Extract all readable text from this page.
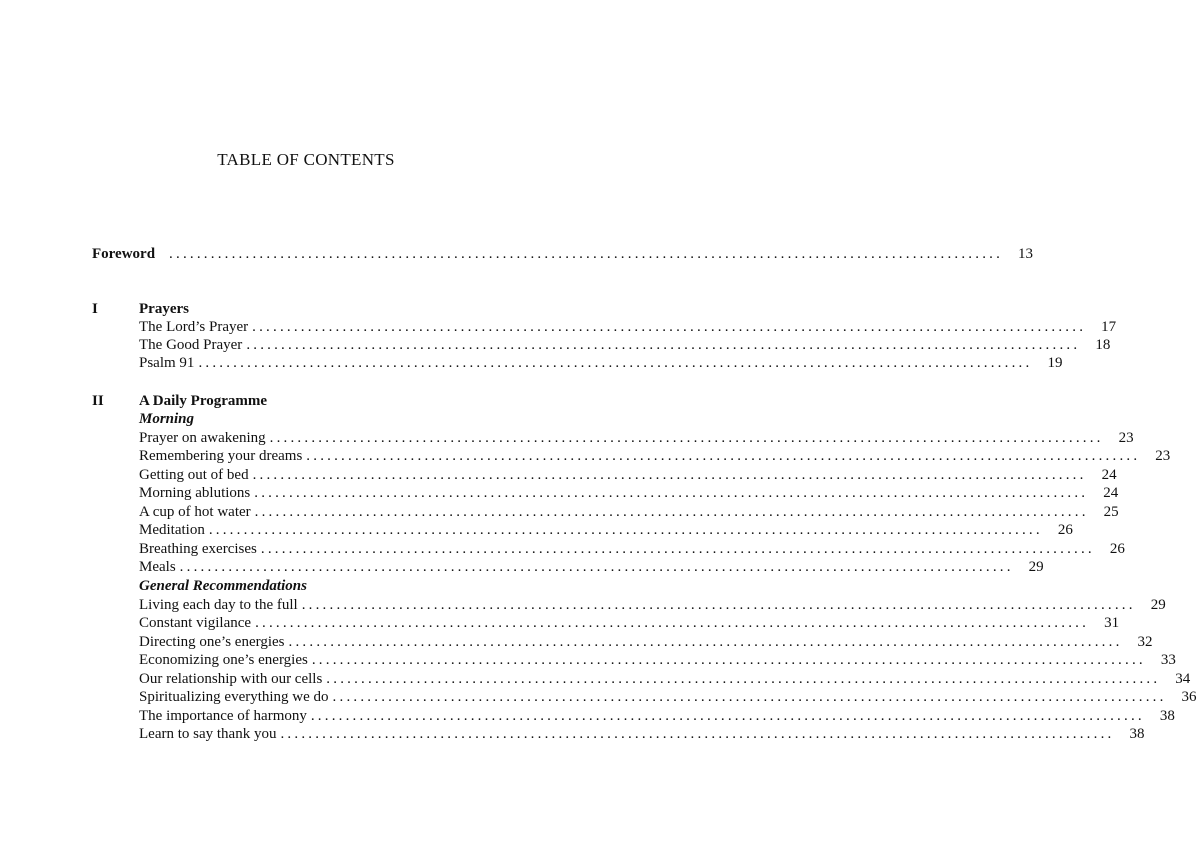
TABLE OF CONTENTS
Foreword ........................................................................................................................	13
I	Prayers
The Lord’s Prayer ........................................................................................................................	17
The Good Prayer ........................................................................................................................	18
Psalm 91 ........................................................................................................................	19
II A Daily Programme
Morning
Prayer on awakening ........................................................................................................................	23
Remembering your dreams ........................................................................................................................	23
Getting out of bed ........................................................................................................................	24
Morning ablutions ........................................................................................................................	24
A cup of hot water ........................................................................................................................	25
Meditation ........................................................................................................................	26
Breathing exercises ........................................................................................................................	26
Meals ........................................................................................................................	29
General Recommendations
Living each day to the full ........................................................................................................................	29
Constant vigilance ........................................................................................................................	31
Directing one’s energies ........................................................................................................................	32
Economizing one’s energies ........................................................................................................................	33
Our relationship with our cells ........................................................................................................................	34
Spiritualizing everything we do ........................................................................................................................	36
The importance of harmony ........................................................................................................................	38
Learn to say thank you ........................................................................................................................	38
